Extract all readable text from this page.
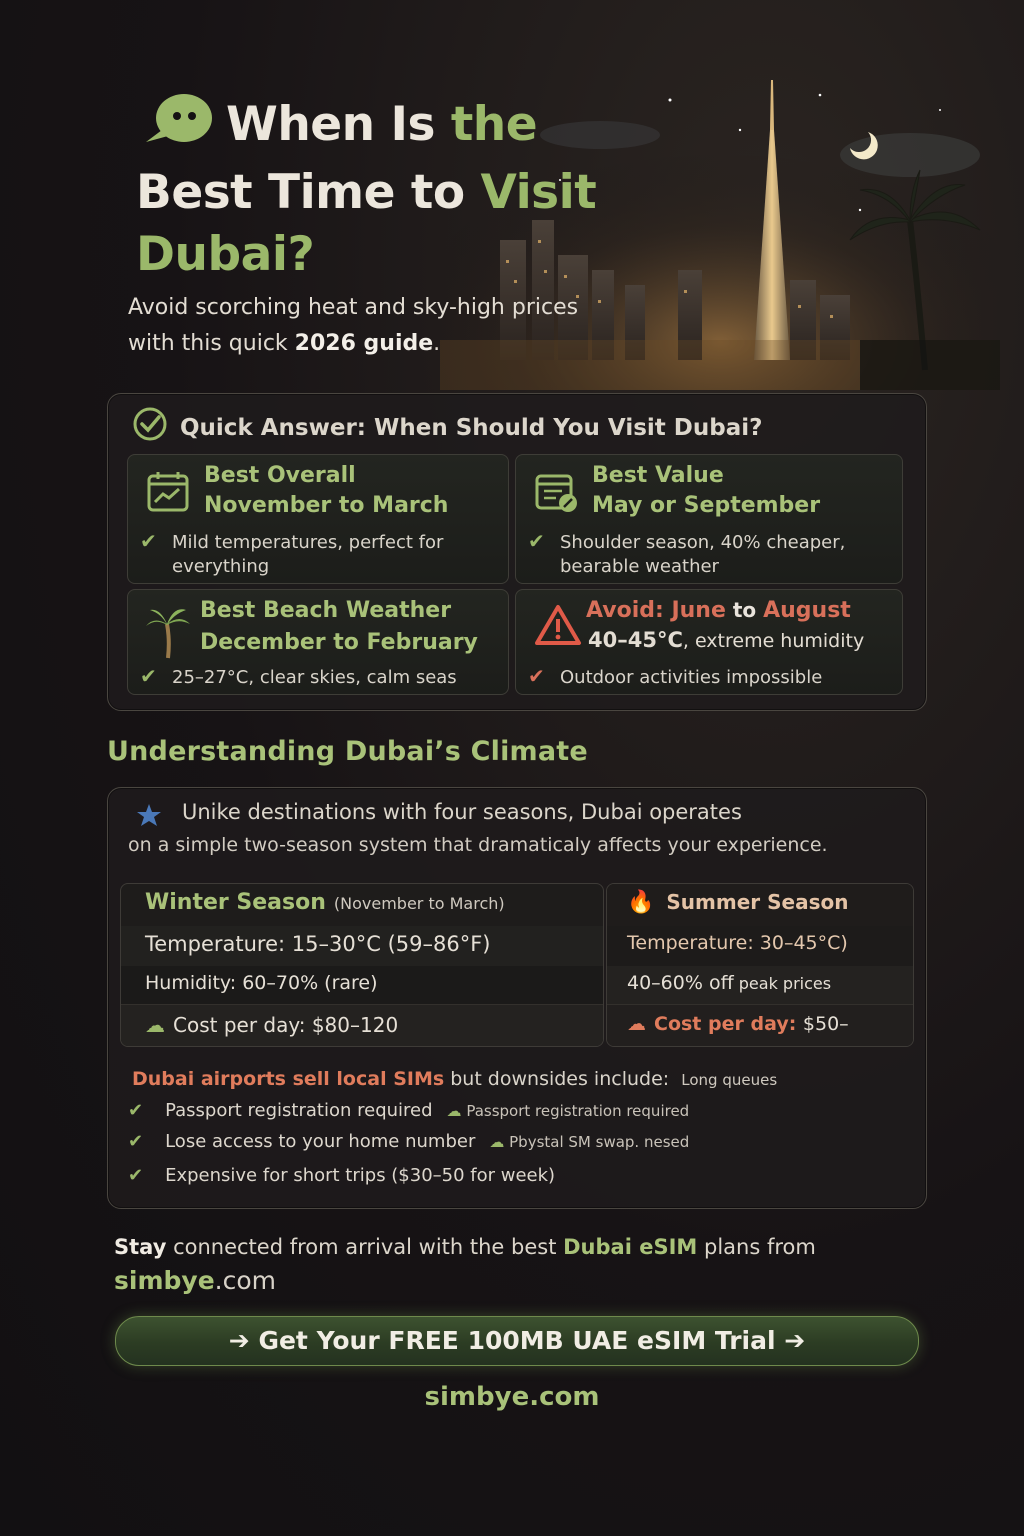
When Is the
Best Time to Visit
Dubai?
Avoid scorching heat and sky-high prices
with this quick 2026 guide.
Quick Answer: When Should You Visit Dubai?
Best Overall
November to March
✔ Mild temperatures, perfect for everything
Best Value
May or September
✔ Shoulder season, 40% cheaper, bearable weather
Best Beach Weather
December to February
✔ 25–27°C, clear skies, calm seas
Avoid: June to August
40–45°C, extreme humidity
✔ Outdoor activities impossible
Understanding Dubai’s Climate
Unike destinations with four seasons, Dubai operates
on a simple two-season system that dramaticaly affects your experience.
Winter Season (November to March)
Temperature: 15–30°C (59–86°F)
Humidity: 60–70% (rare)
☁ Cost per day: $80–120
🔥 Summer Season
Temperature: 30–45°C)
40–60% off peak prices
☁ Cost per day: $50–
Dubai airports sell local SIMs but downsides include: Long queues
✔ Passport registration required ☁ Passport registration required
✔ Lose access to your home number ☁ Pbystal SM swap. nesed
✔ Expensive for short trips ($30–50 for week)
Stay connected from arrival with the best Dubai eSIM plans from
simbye.com
➔ Get Your FREE 100MB UAE eSIM Trial ➔
simbye.com
